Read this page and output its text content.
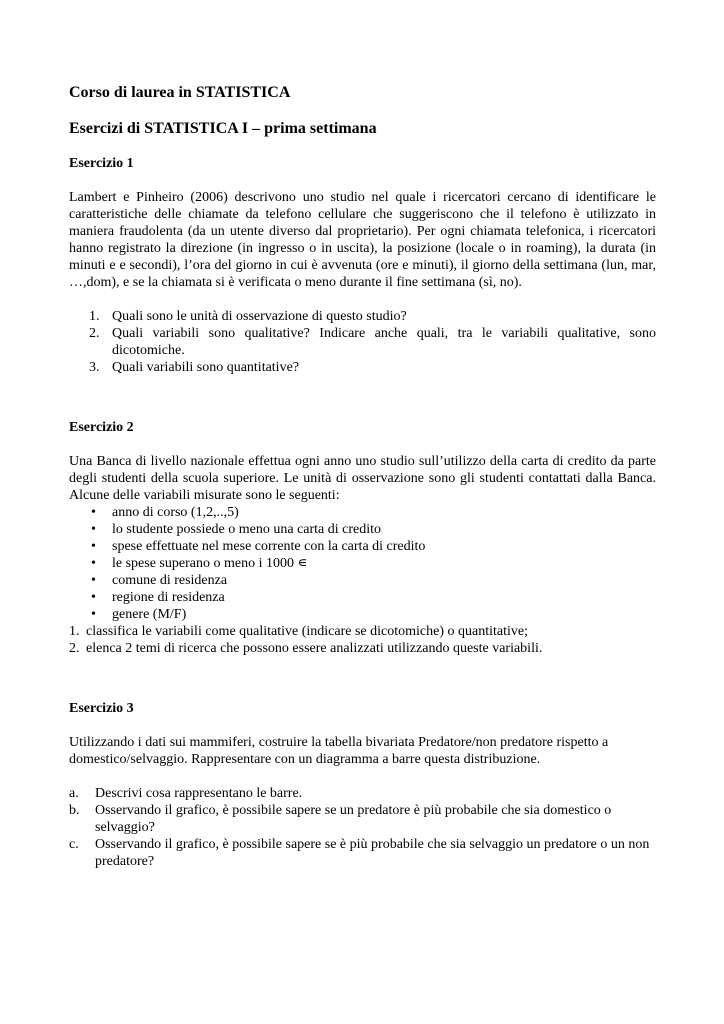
Corso di laurea in STATISTICA
Esercizi di STATISTICA I – prima settimana
Esercizio 1

Lambert e Pinheiro (2006) descrivono uno studio nel quale i ricercatori cercano di identificare le caratteristiche delle chiamate da telefono cellulare che suggeriscono che il telefono è utilizzato in maniera fraudolenta (da un utente diverso dal proprietario). Per ogni chiamata telefonica, i ricercatori hanno registrato la direzione (in ingresso o in uscita), la posizione (locale o in roaming), la durata (in minuti e e secondi), l’ora del giorno in cui è avvenuta (ore e minuti), il giorno della settimana (lun, mar, …,dom), e se la chiamata si è verificata o meno durante il fine settimana (sì, no).

1. Quali sono le unità di osservazione di questo studio?
2. Quali variabili sono qualitative? Indicare anche quali, tra le variabili qualitative, sono dicotomiche.
3. Quali variabili sono quantitative?
Esercizio 2

Una Banca di livello nazionale effettua ogni anno uno studio sull’utilizzo della carta di credito da parte degli studenti della scuola superiore. Le unità di osservazione sono gli studenti contattati dalla Banca. Alcune delle variabili misurate sono le seguenti:

• anno di corso (1,2,..,5)
• lo studente possiede o meno una carta di credito
• spese effettuate nel mese corrente con la carta di credito
• le spese superano o meno i 1000 ∊
• comune di residenza
• regione di residenza
• genere (M/F)
1. classifica le variabili come qualitative (indicare se dicotomiche) o quantitative;
2. elenca 2 temi di ricerca che possono essere analizzati utilizzando queste variabili.
Esercizio 3

Utilizzando i dati sui mammiferi, costruire la tabella bivariata Predatore/non predatore rispetto a domestico/selvaggio. Rappresentare con un diagramma a barre questa distribuzione.

a. Descrivi cosa rappresentano le barre.
b. Osservando il grafico, è possibile sapere se un predatore è più probabile che sia domestico o selvaggio?
c. Osservando il grafico, è possibile sapere se è più probabile che sia selvaggio un predatore o un non predatore?
